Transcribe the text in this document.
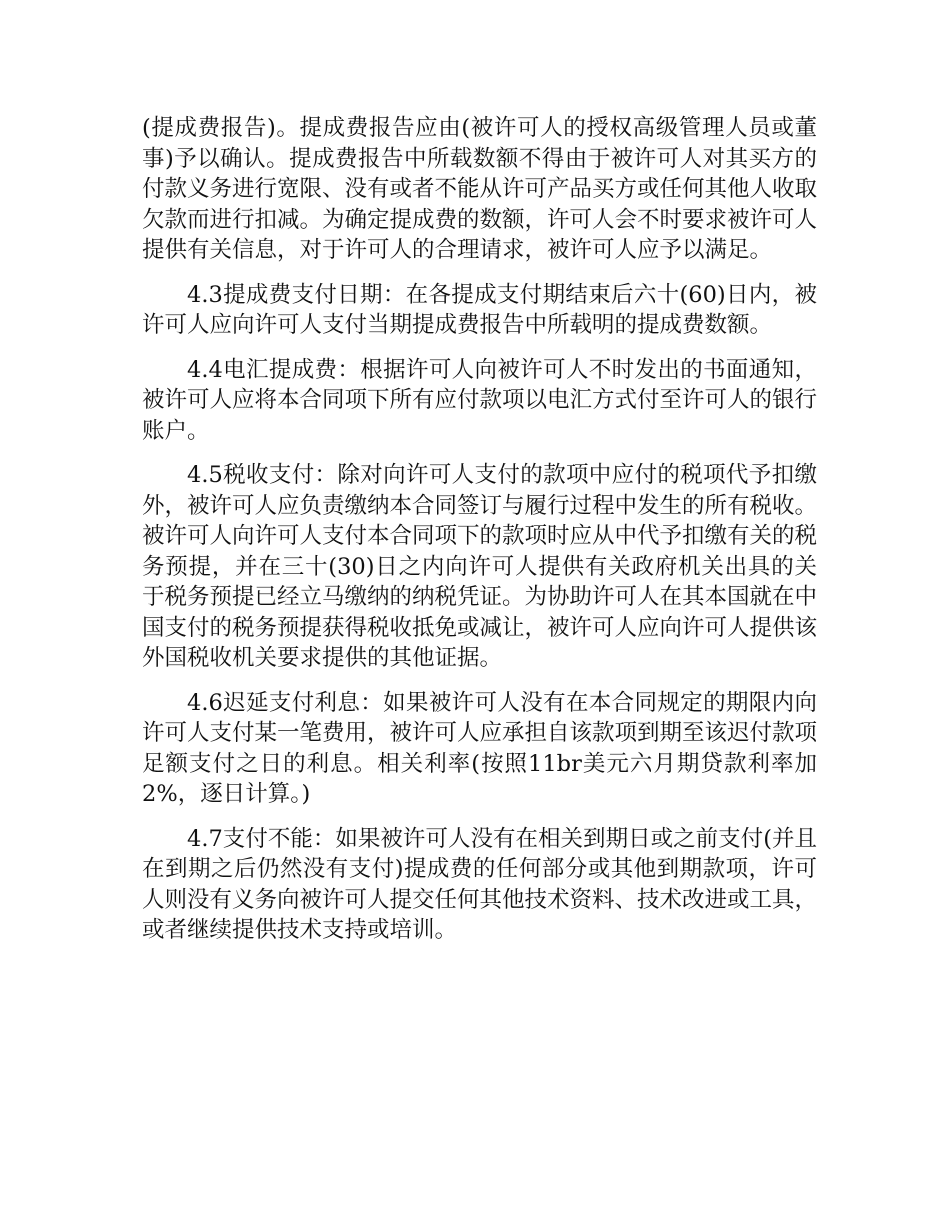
(提成费报告)。提成费报告应由(被许可人的授权高级管理人员或董事)予以确认。提成费报告中所载数额不得由于被许可人对其买方的付款义务进行宽限、没有或者不能从许可产品买方或任何其他人收取欠款而进行扣减。为确定提成费的数额，许可人会不时要求被许可人提供有关信息，对于许可人的合理请求，被许可人应予以满足。

4.3提成费支付日期：在各提成支付期结束后六十(60)日内，被许可人应向许可人支付当期提成费报告中所载明的提成费数额。

4.4电汇提成费：根据许可人向被许可人不时发出的书面通知，被许可人应将本合同项下所有应付款项以电汇方式付至许可人的银行账户。

4.5税收支付：除对向许可人支付的款项中应付的税项代予扣缴外，被许可人应负责缴纳本合同签订与履行过程中发生的所有税收。被许可人向许可人支付本合同项下的款项时应从中代予扣缴有关的税务预提，并在三十(30)日之内向许可人提供有关政府机关出具的关于税务预提已经立马缴纳的纳税凭证。为协助许可人在其本国就在中国支付的税务预提获得税收抵免或减让，被许可人应向许可人提供该外国税收机关要求提供的其他证据。

4.6迟延支付利息：如果被许可人没有在本合同规定的期限内向许可人支付某一笔费用，被许可人应承担自该款项到期至该迟付款项足额支付之日的利息。相关利率(按照11br美元六月期贷款利率加2%，逐日计算。)

4.7支付不能：如果被许可人没有在相关到期日或之前支付(并且在到期之后仍然没有支付)提成费的任何部分或其他到期款项，许可人则没有义务向被许可人提交任何其他技术资料、技术改进或工具，或者继续提供技术支持或培训。
